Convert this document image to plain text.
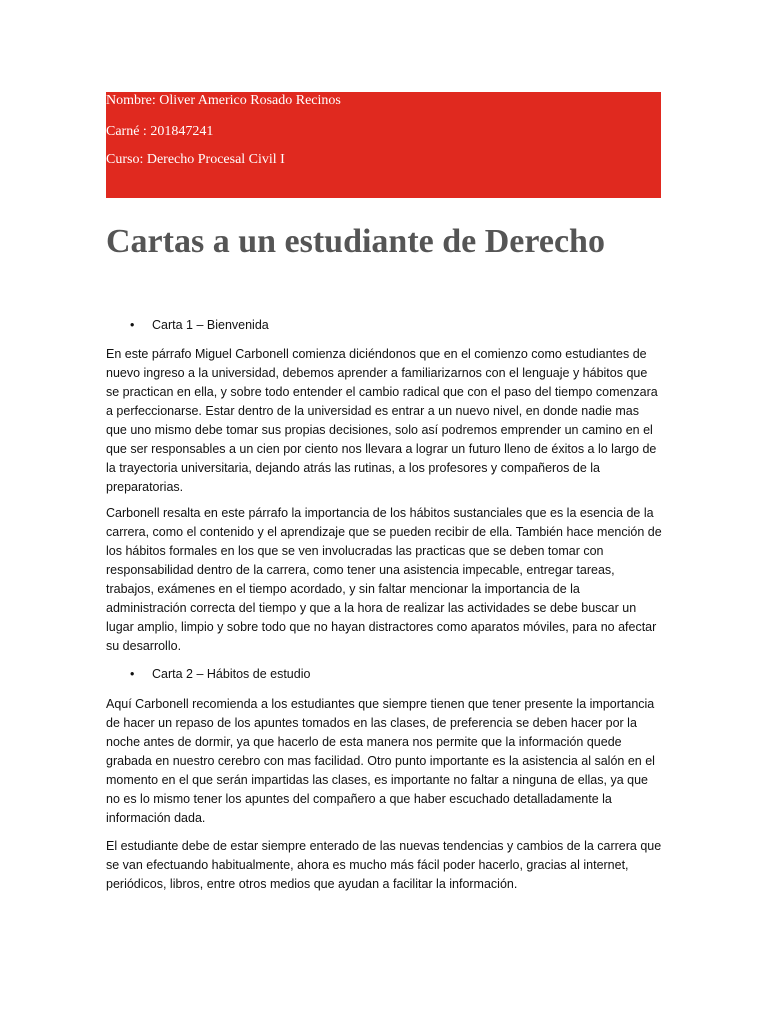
Nombre: Oliver Americo Rosado Recinos
Carné : 201847241
Curso: Derecho Procesal Civil I
Cartas a un estudiante de Derecho
• Carta 1 – Bienvenida

En este párrafo Miguel Carbonell comienza diciéndonos que en el comienzo como estudiantes de nuevo ingreso a la universidad, debemos aprender a familiarizarnos con el lenguaje y hábitos que se practican en ella, y sobre todo entender el cambio radical que con el paso del tiempo comenzara a perfeccionarse. Estar dentro de la universidad es entrar a un nuevo nivel, en donde nadie mas que uno mismo debe tomar sus propias decisiones, solo así podremos emprender un camino en el que ser responsables a un cien por ciento nos llevara a lograr un futuro lleno de éxitos a lo largo de la trayectoria universitaria, dejando atrás las rutinas, a los profesores y compañeros de la preparatorias.

Carbonell resalta en este párrafo la importancia de los hábitos sustanciales que es la esencia de la carrera, como el contenido y el aprendizaje que se pueden recibir de ella. También hace mención de los hábitos formales en los que se ven involucradas las practicas que se deben tomar con responsabilidad dentro de la carrera, como tener una asistencia impecable, entregar tareas, trabajos, exámenes en el tiempo acordado, y sin faltar mencionar la importancia de la administración correcta del tiempo y que a la hora de realizar las actividades se debe buscar un lugar amplio, limpio y sobre todo que no hayan distractores como aparatos móviles, para no afectar su desarrollo.

• Carta 2 – Hábitos de estudio

Aquí Carbonell recomienda a los estudiantes que siempre tienen que tener presente la importancia de hacer un repaso de los apuntes tomados en las clases, de preferencia se deben hacer por la noche antes de dormir, ya que hacerlo de esta manera nos permite que la información quede grabada en nuestro cerebro con mas facilidad. Otro punto importante es la asistencia al salón en el momento en el que serán impartidas las clases, es importante no faltar a ninguna de ellas, ya que no es lo mismo tener los apuntes del compañero a que haber escuchado detalladamente la información dada.

El estudiante debe de estar siempre enterado de las nuevas tendencias y cambios de la carrera que se van efectuando habitualmente, ahora es mucho más fácil poder hacerlo, gracias al internet, periódicos, libros, entre otros medios que ayudan a facilitar la información.
